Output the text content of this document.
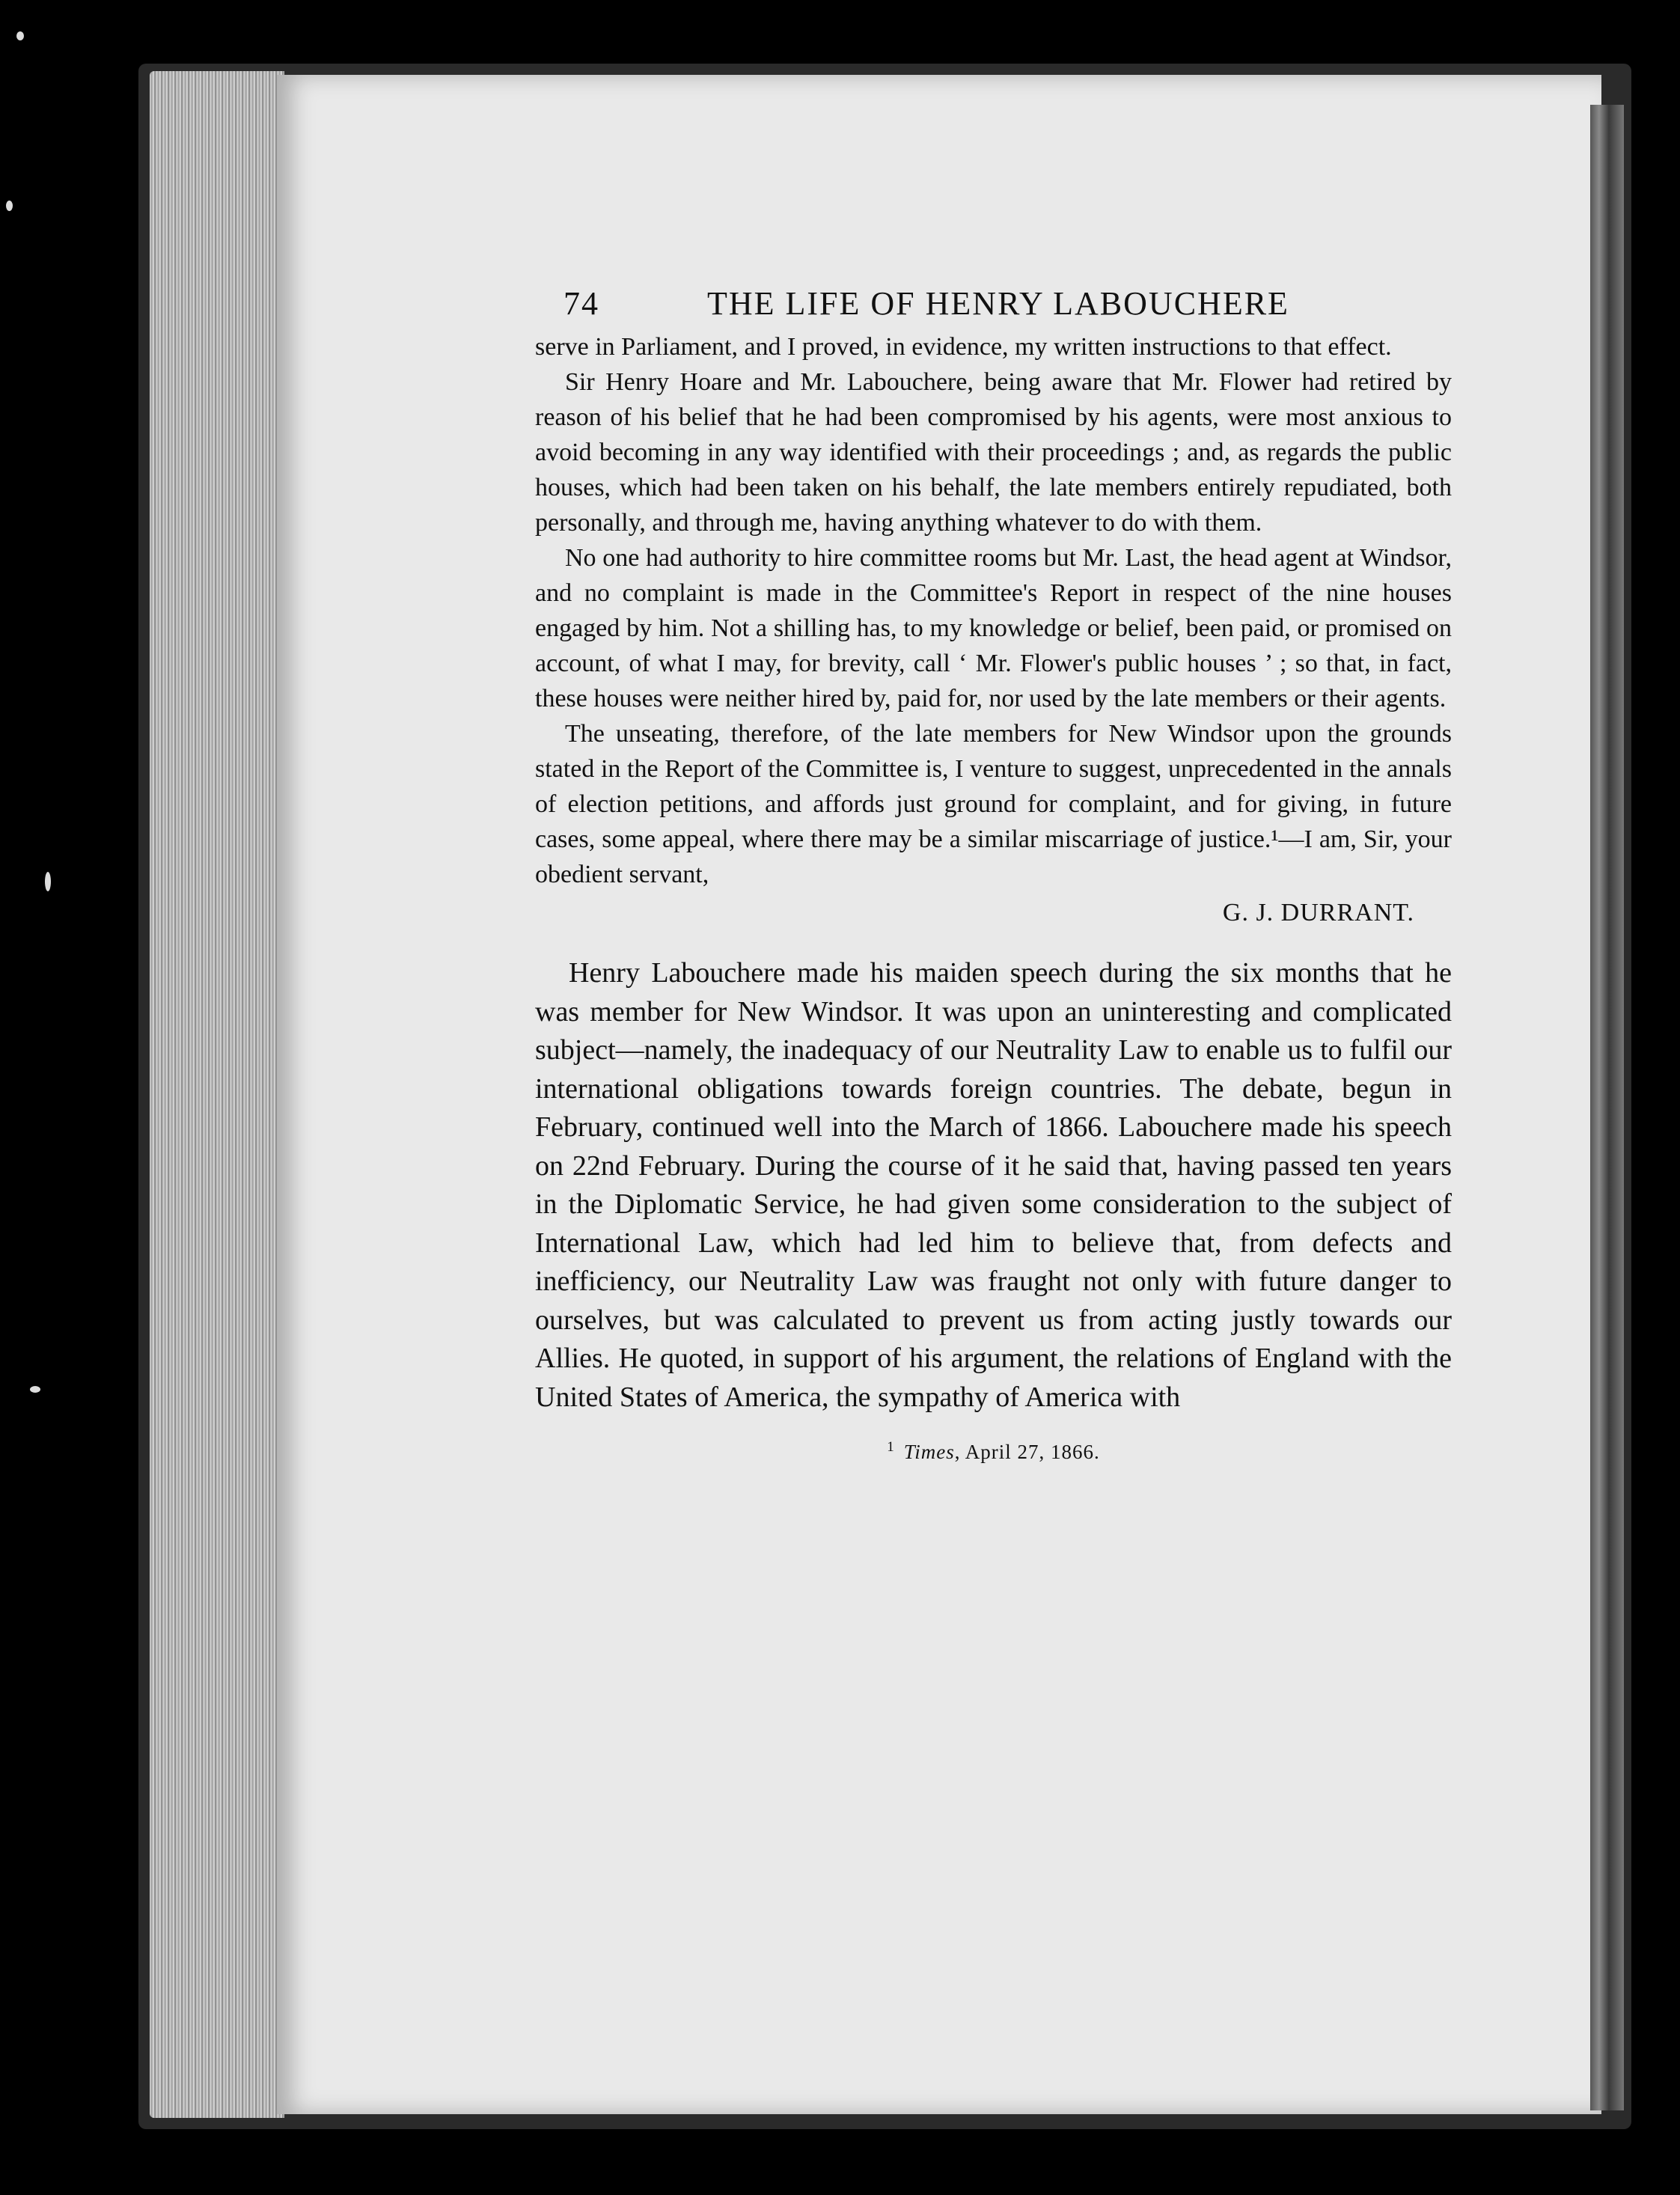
74	THE LIFE OF HENRY LABOUCHERE

serve in Parliament, and I proved, in evidence, my written instructions to that effect.

Sir Henry Hoare and Mr. Labouchere, being aware that Mr. Flower had retired by reason of his belief that he had been compromised by his agents, were most anxious to avoid becoming in any way identified with their proceedings ; and, as regards the public houses, which had been taken on his behalf, the late members entirely repudiated, both personally, and through me, having anything whatever to do with them.

No one had authority to hire committee rooms but Mr. Last, the head agent at Windsor, and no complaint is made in the Committee's Report in respect of the nine houses engaged by him. Not a shilling has, to my knowledge or belief, been paid, or promised on account, of what I may, for brevity, call ‘ Mr. Flower's public houses ’ ; so that, in fact, these houses were neither hired by, paid for, nor used by the late members or their agents.

The unseating, therefore, of the late members for New Windsor upon the grounds stated in the Report of the Committee is, I venture to suggest, unprecedented in the annals of election petitions, and affords just ground for complaint, and for giving, in future cases, some appeal, where there may be a similar miscarriage of justice.¹—I am, Sir, your obedient servant,

G. J. DURRANT.

Henry Labouchere made his maiden speech during the six months that he was member for New Windsor. It was upon an uninteresting and complicated subject—namely, the inadequacy of our Neutrality Law to enable us to fulfil our international obligations towards foreign countries. The debate, begun in February, continued well into the March of 1866. Labouchere made his speech on 22nd February. During the course of it he said that, having passed ten years in the Diplomatic Service, he had given some consideration to the subject of International Law, which had led him to believe that, from defects and inefficiency, our Neutrality Law was fraught not only with future danger to ourselves, but was calculated to prevent us from acting justly towards our Allies. He quoted, in support of his argument, the relations of England with the United States of America, the sympathy of America with

$^1$ Times, April 27, 1866.
